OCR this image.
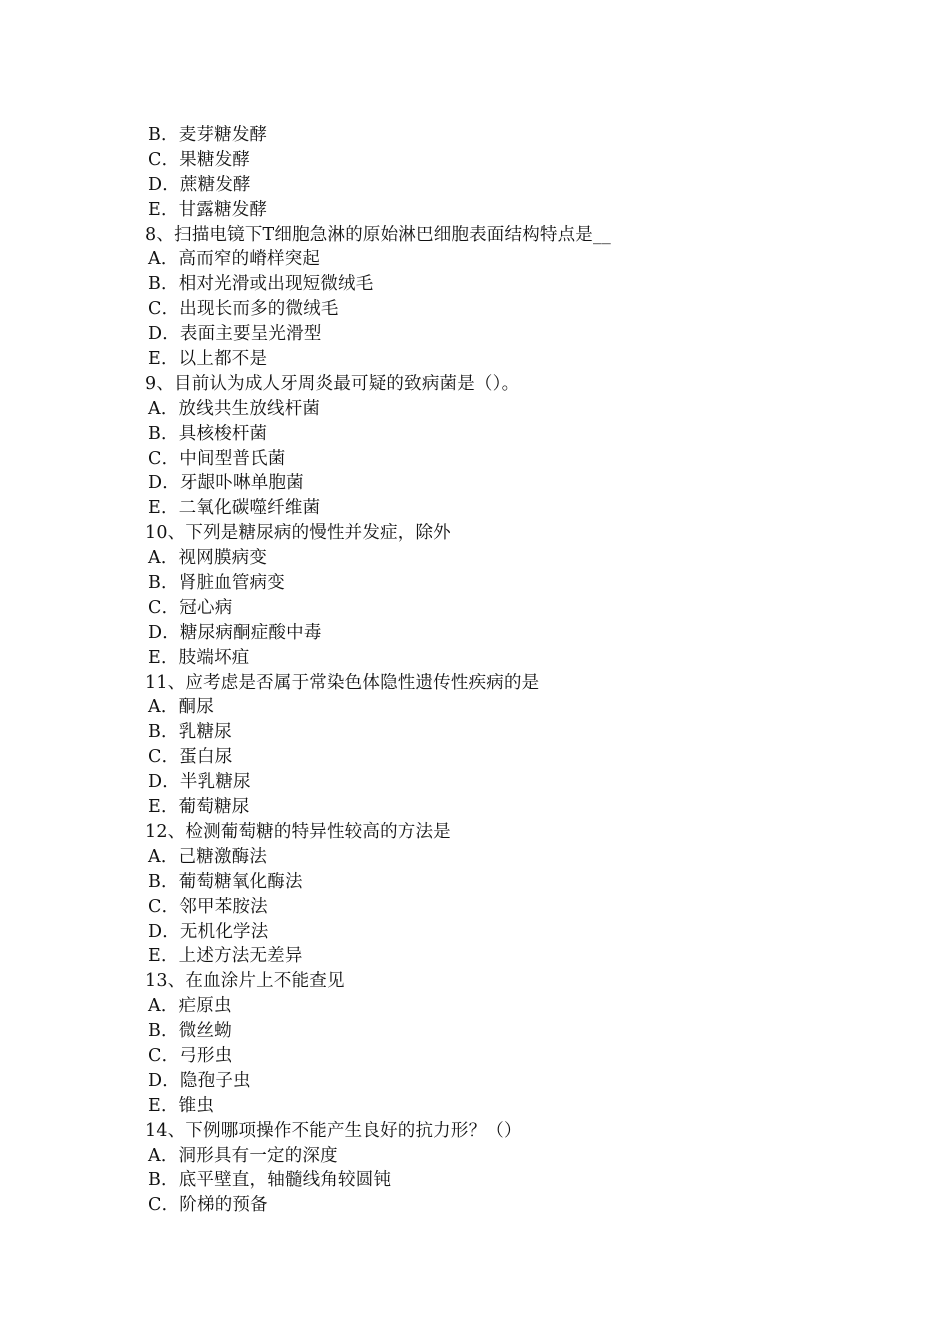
B．麦芽糖发酵
C．果糖发酵
D．蔗糖发酵
E．甘露糖发酵
8、扫描电镜下T细胞急淋的原始淋巴细胞表面结构特点是__
A．高而窄的嵴样突起
B．相对光滑或出现短微绒毛
C．出现长而多的微绒毛
D．表面主要呈光滑型
E．以上都不是
9、目前认为成人牙周炎最可疑的致病菌是（）。
A．放线共生放线杆菌
B．具核梭杆菌
C．中间型普氏菌
D．牙龈卟啉单胞菌
E．二氧化碳噬纤维菌
10、下列是糖尿病的慢性并发症，除外
A．视网膜病变
B．肾脏血管病变
C．冠心病
D．糖尿病酮症酸中毒
E．肢端坏疽
11、应考虑是否属于常染色体隐性遗传性疾病的是
A．酮尿
B．乳糖尿
C．蛋白尿
D．半乳糖尿
E．葡萄糖尿
12、检测葡萄糖的特异性较高的方法是
A．己糖激酶法
B．葡萄糖氧化酶法
C．邻甲苯胺法
D．无机化学法
E．上述方法无差异
13、在血涂片上不能查见
A．疟原虫
B．微丝蚴
C．弓形虫
D．隐孢子虫
E．锥虫
14、下例哪项操作不能产生良好的抗力形？（）
A．洞形具有一定的深度
B．底平壁直，轴髓线角较圆钝
C．阶梯的预备
